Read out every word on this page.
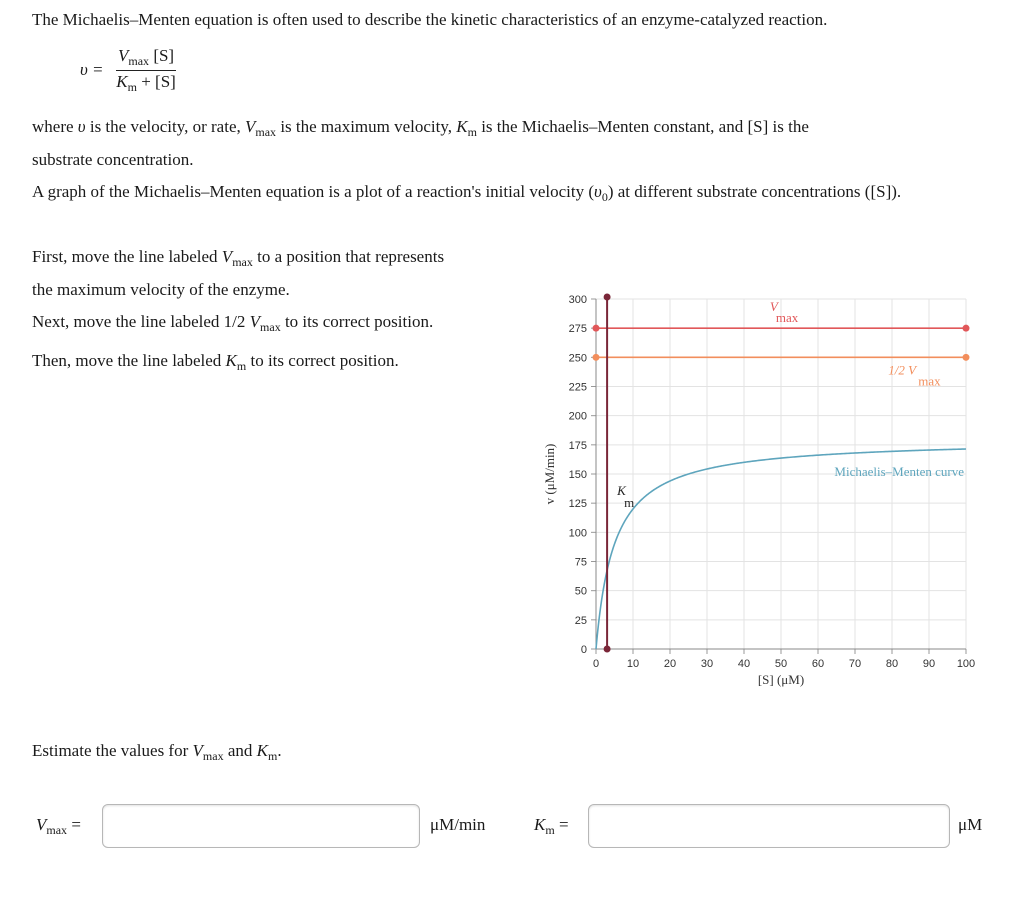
The Michaelis–Menten equation is often used to describe the kinetic characteristics of an enzyme-catalyzed reaction.
υ =
$V_{max}$ [S]
$K_m + [S]$
where υ is the velocity, or rate, $V_{max}$ is the maximum velocity, $K_m$ is the Michaelis–Menten constant, and [S] is the
substrate concentration.
A graph of the Michaelis–Menten equation is a plot of a reaction's initial velocity $(\upsilon_0)$ at different substrate concentrations ([S]).
First, move the line labeled $V_{max}$ to a position that represents
the maximum velocity of the enzyme.
Next, move the line labeled 1/2 $V_{max}$ to its correct position.
Then, move the line labeled $K_m$ to its correct position.
0	10 20 30 40 50 60 70 80 90 100
0
25
50
75
100
125
150
175
200
225
250
275
300
[S] (μM)
v (μM/min)	Michaelis–Menten curve
V
max
1/2 V
max
K
m
Estimate the values for $V_{max}$ and $K_m$.
$V_{max}$ =	μM/min	$K_m$ =	μM
